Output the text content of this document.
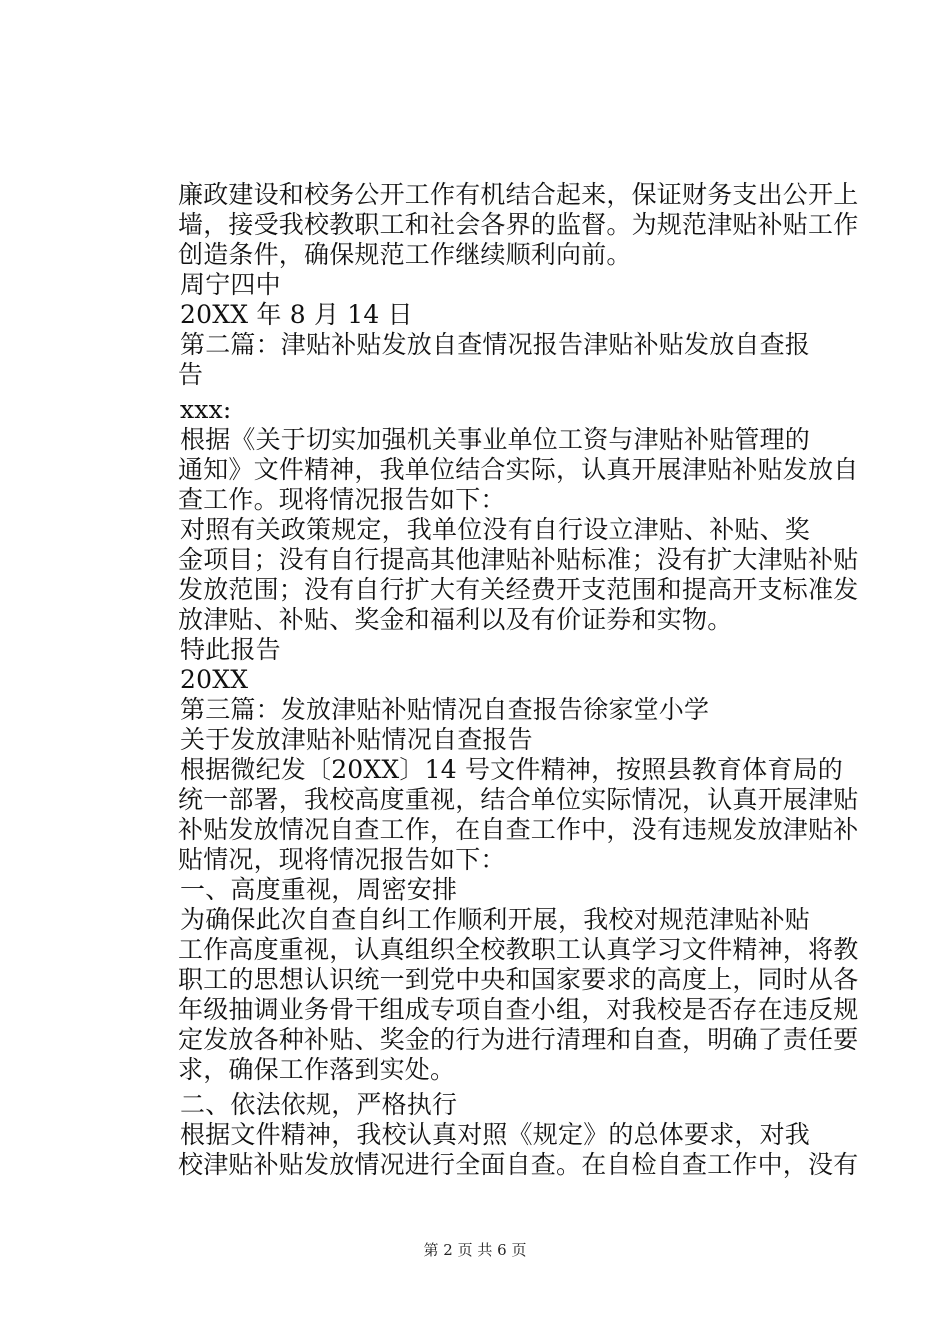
廉政建设和校务公开工作有机结合起来，保证财务支出公开上
墙，接受我校教职工和社会各界的监督。为规范津贴补贴工作
创造条件，确保规范工作继续顺利向前。
周宁四中
20XX 年 8 月 14 日
第二篇：津贴补贴发放自查情况报告津贴补贴发放自查报
告
xxx:
根据《关于切实加强机关事业单位工资与津贴补贴管理的
通知》文件精神，我单位结合实际，认真开展津贴补贴发放自
查工作。现将情况报告如下：
对照有关政策规定，我单位没有自行设立津贴、补贴、奖
金项目；没有自行提高其他津贴补贴标准；没有扩大津贴补贴
发放范围；没有自行扩大有关经费开支范围和提高开支标准发
放津贴、补贴、奖金和福利以及有价证券和实物。
特此报告
20XX
第三篇：发放津贴补贴情况自查报告徐家堂小学
关于发放津贴补贴情况自查报告
根据微纪发〔20XX〕14 号文件精神，按照县教育体育局的
统一部署，我校高度重视，结合单位实际情况，认真开展津贴
补贴发放情况自查工作，在自查工作中，没有违规发放津贴补
贴情况，现将情况报告如下：
一、高度重视，周密安排
为确保此次自查自纠工作顺利开展，我校对规范津贴补贴
工作高度重视，认真组织全校教职工认真学习文件精神，将教
职工的思想认识统一到党中央和国家要求的高度上，同时从各
年级抽调业务骨干组成专项自查小组，对我校是否存在违反规
定发放各种补贴、奖金的行为进行清理和自查，明确了责任要
求，确保工作落到实处。
二、依法依规，严格执行
根据文件精神，我校认真对照《规定》的总体要求，对我
校津贴补贴发放情况进行全面自查。在自检自查工作中，没有
第 2 页 共 6 页
